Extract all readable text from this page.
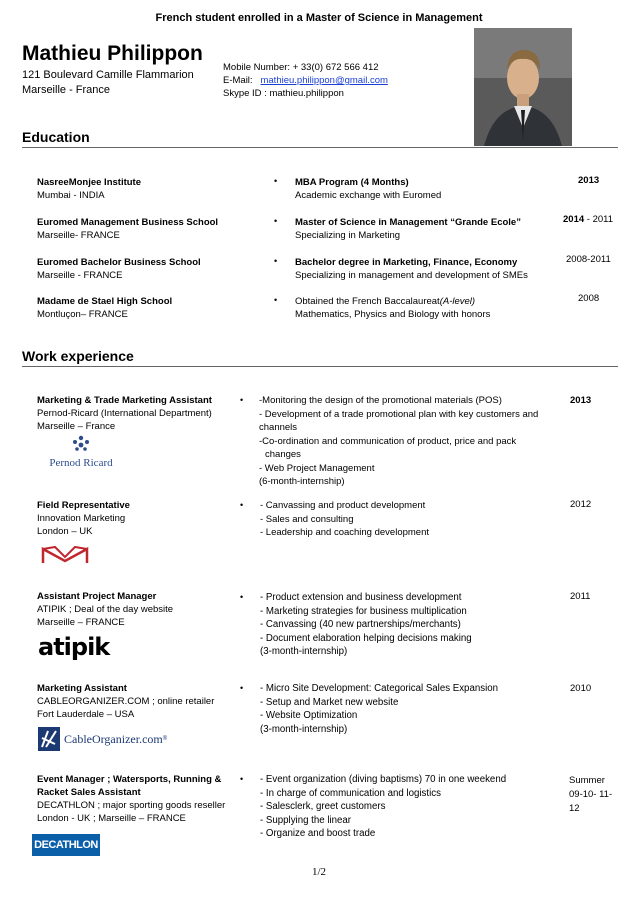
French student enrolled in a Master of Science in Management
Mathieu Philippon
121 Boulevard Camille Flammarion
Marseille - France
Mobile Number: + 33(0) 672 566 412
E-Mail: mathieu.philippon@gmail.com
Skype ID : mathieu.philippon
Education
NasreeMonjee Institute
Mumbai - INDIA
• MBA Program (4 Months)
Academic exchange with Euromed
2013
Euromed Management Business School
Marseille- FRANCE
• Master of Science in Management “Grande Ecole”
Specializing in Marketing
2014 - 2011
Euromed Bachelor Business School
Marseille - FRANCE
• Bachelor degree in Marketing, Finance, Economy
Specializing in management and development of SMEs
2008-2011
Madame de Stael High School
Montluçon– FRANCE
• Obtained the French Baccalaureat(A-level)
Mathematics, Physics and Biology with honors
2008
Work experience
Marketing & Trade Marketing Assistant
Pernod-Ricard (International Department)
Marseille – France
Pernod Ricard
• -Monitoring the design of the promotional materials (POS)
- Development of a trade promotional plan with key customers and
channels
-Co-ordination and communication of product, price and pack
changes
- Web Project Management
(6-month-internship)
2013
Field Representative
Innovation Marketing
London – UK
• - Canvassing and product development
- Sales and consulting
- Leadership and coaching development
2012
Assistant Project Manager
ATIPIK ; Deal of the day website
Marseille – FRANCE
atipik
• - Product extension and business development
- Marketing strategies for business multiplication
- Canvassing (40 new partnerships/merchants)
- Document elaboration helping decisions making
(3-month-internship)
2011
Marketing Assistant
CABLEORGANIZER.COM ; online retailer
Fort Lauderdale – USA
CableOrganizer.com ®
• - Micro Site Development: Categorical Sales Expansion
- Setup and Market new website
- Website Optimization
(3-month-internship)
2010
Event Manager ; Watersports, Running &
Racket Sales Assistant
DECATHLON ; major sporting goods reseller
London - UK ; Marseille – FRANCE
DECATHLON
• - Event organization (diving baptisms) 70 in one weekend
- In charge of communication and logistics
- Salesclerk, greet customers
- Supplying the linear
- Organize and boost trade
Summer
09-10- 11-
12
1/2
